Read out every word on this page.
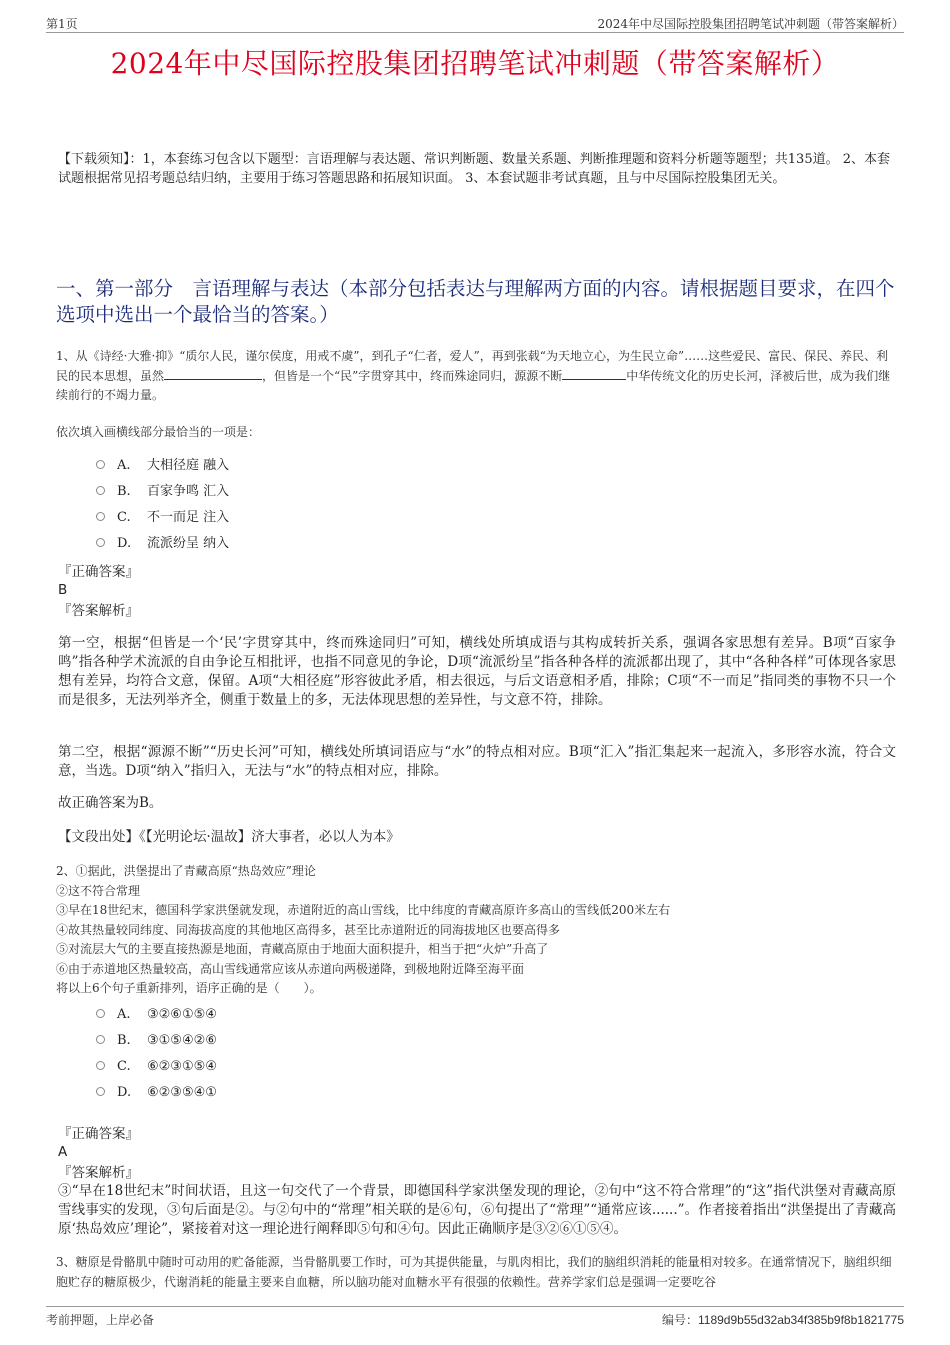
第1页	2024年中尽国际控股集团招聘笔试冲刺题（带答案解析）
2024年中尽国际控股集团招聘笔试冲刺题（带答案解析）
【下载须知】：1，本套练习包含以下题型：言语理解与表达题、常识判断题、数量关系题、判断推理题和资料分析题等题型；共135道。 2、本套试题根据常见招考题总结归纳，主要用于练习答题思路和拓展知识面。 3、本套试题非考试真题，且与中尽国际控股集团无关。
一、第一部分　言语理解与表达（本部分包括表达与理解两方面的内容。请根据题目要求，在四个选项中选出一个最恰当的答案。）
1、从《诗经·大雅·抑》“质尔人民，谨尔侯度，用戒不虞”，到孔子“仁者，爱人”，再到张载“为天地立心，为生民立命”……这些爱民、富民、保民、养民、利民的民本思想，虽然	，但皆是一个“民”字贯穿其中，终而殊途同归，源源不断	中华传统文化的历史长河，泽被后世，成为我们继续前行的不竭力量。
依次填入画横线部分最恰当的一项是：
A. 大相径庭 融入
B. 百家争鸣 汇入
C. 不一而足 注入
D. 流派纷呈 纳入
『正确答案』
B
『答案解析』
第一空，根据“但皆是一个‘民’字贯穿其中，终而殊途同归”可知，横线处所填成语与其构成转折关系，强调各家思想有差异。B项“百家争鸣”指各种学术流派的自由争论互相批评，也指不同意见的争论，D项“流派纷呈”指各种各样的流派都出现了，其中“各种各样”可体现各家思想有差异，均符合文意，保留。A项“大相径庭”形容彼此矛盾，相去很远，与后文语意相矛盾，排除；C项“不一而足”指同类的事物不只一个而是很多，无法列举齐全，侧重于数量上的多，无法体现思想的差异性，与文意不符，排除。
第二空，根据“源源不断”“历史长河”可知，横线处所填词语应与“水”的特点相对应。B项“汇入”指汇集起来一起流入，多形容水流，符合文意，当选。D项“纳入”指归入，无法与“水”的特点相对应，排除。
故正确答案为B。
【文段出处】《【光明论坛·温故】济大事者，必以人为本》
2、①据此，洪堡提出了青藏高原“热岛效应”理论
②这不符合常理
③早在18世纪末，德国科学家洪堡就发现，赤道附近的高山雪线，比中纬度的青藏高原许多高山的雪线低200米左右
④故其热量较同纬度、同海拔高度的其他地区高得多，甚至比赤道附近的同海拔地区也要高得多
⑤对流层大气的主要直接热源是地面，青藏高原由于地面大面积提升，相当于把“火炉”升高了
⑥由于赤道地区热量较高，高山雪线通常应该从赤道向两极递降，到极地附近降至海平面
将以上6个句子重新排列，语序正确的是（　　）。
A. ③②⑥①⑤④
B. ③①⑤④②⑥
C. ⑥②③①⑤④
D. ⑥②③⑤④①
『正确答案』
A
『答案解析』
③“早在18世纪末”时间状语，且这一句交代了一个背景，即德国科学家洪堡发现的理论，②句中“这不符合常理”的“这”指代洪堡对青藏高原雪线事实的发现，③句后面是②。与②句中的“常理”相关联的是⑥句，⑥句提出了“常理”“通常应该......”。作者接着指出“洪堡提出了青藏高原‘热岛效应’理论”，紧接着对这一理论进行阐释即⑤句和④句。因此正确顺序是③②⑥①⑤④。
3、糖原是骨骼肌中随时可动用的贮备能源，当骨骼肌要工作时，可为其提供能量，与肌肉相比，我们的脑组织消耗的能量相对较多。在通常情况下，脑组织细胞贮存的糖原极少，代谢消耗的能量主要来自血糖，所以脑功能对血糖水平有很强的依赖性。营养学家们总是强调一定要吃谷
考前押题，上岸必备	编号：1189d9b55d32ab34f385b9f8b1821775
